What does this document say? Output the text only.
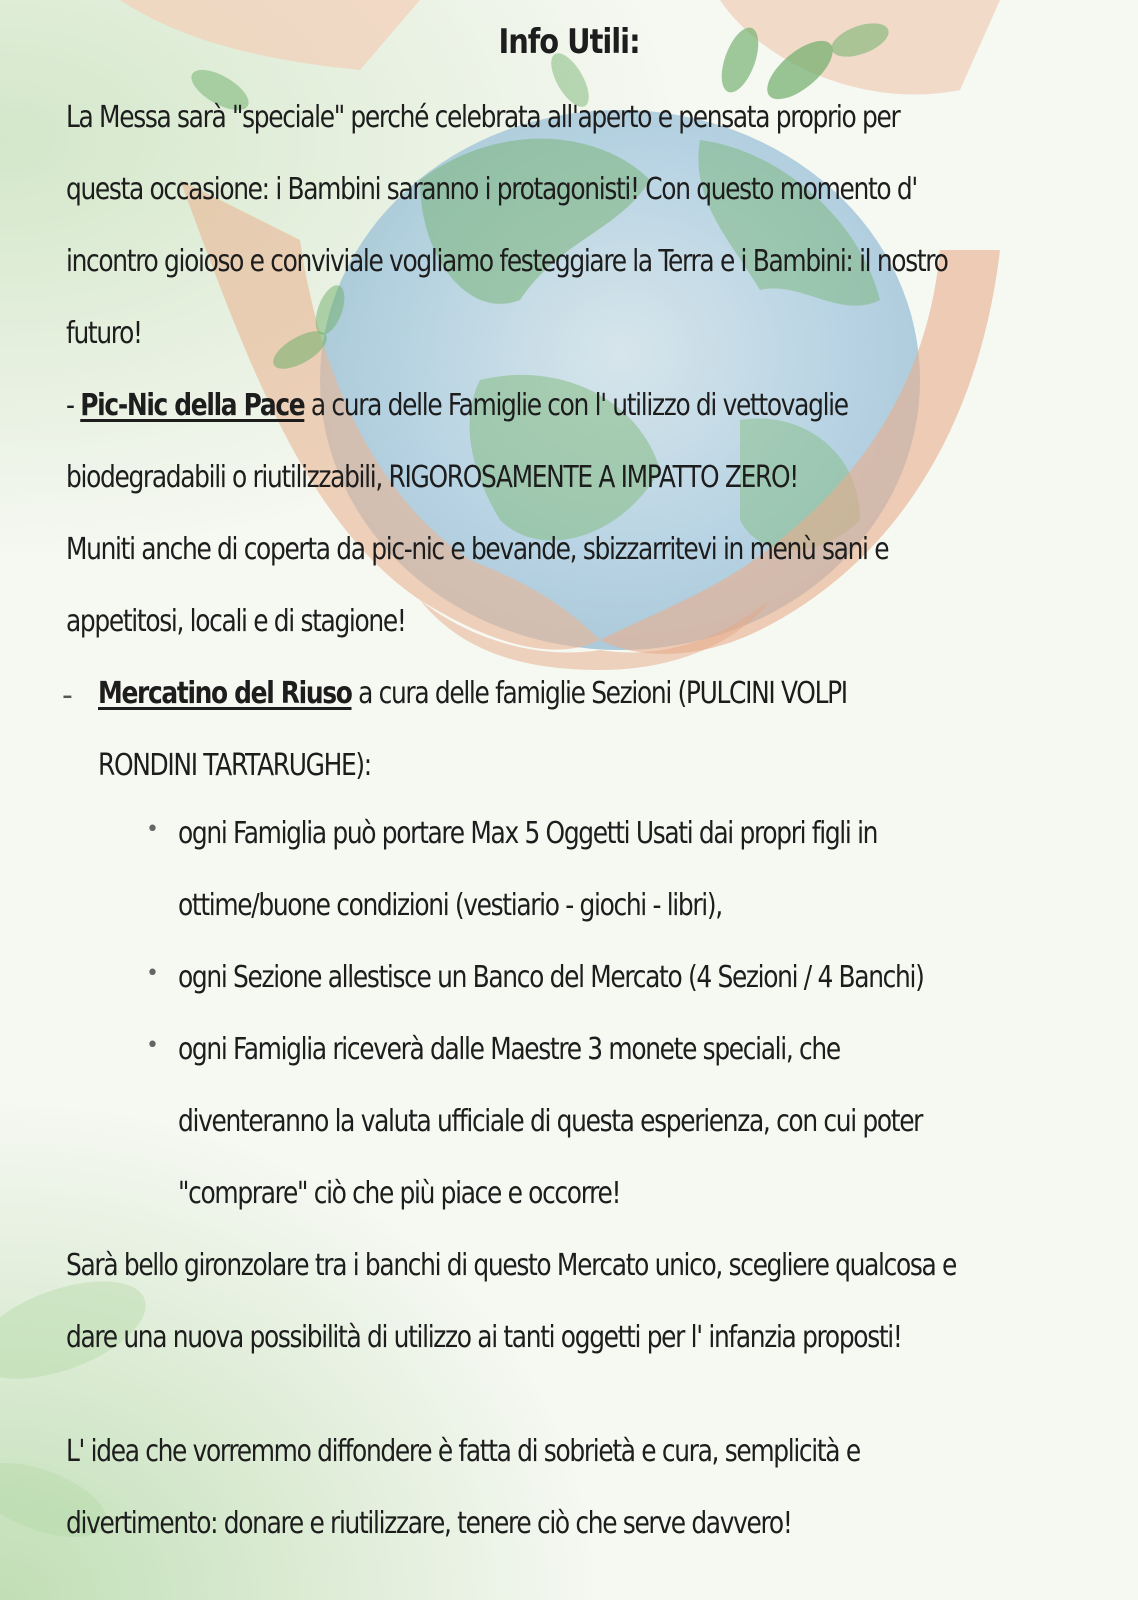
Info Utili:
La Messa sarà "speciale" perché celebrata all'aperto e pensata proprio per
questa occasione: i Bambini saranno i protagonisti! Con questo momento d'
incontro gioioso e conviviale vogliamo festeggiare la Terra e i Bambini: il nostro
futuro!
- Pic-Nic della Pace a cura delle Famiglie con l' utilizzo di vettovaglie
biodegradabili o riutilizzabili, RIGOROSAMENTE A IMPATTO ZERO!
Muniti anche di coperta da pic-nic e bevande, sbizzarritevi in menù sani e
appetitosi, locali e di stagione!
- Mercatino del Riuso a cura delle famiglie Sezioni (PULCINI VOLPI
RONDINI TARTARUGHE):
• ogni Famiglia può portare Max 5 Oggetti Usati dai propri figli in
ottime/buone condizioni (vestiario - giochi - libri),
• ogni Sezione allestisce un Banco del Mercato (4 Sezioni / 4 Banchi)
• ogni Famiglia riceverà dalle Maestre 3 monete speciali, che
diventeranno la valuta ufficiale di questa esperienza, con cui poter
"comprare" ciò che più piace e occorre!
Sarà bello gironzolare tra i banchi di questo Mercato unico, scegliere qualcosa e
dare una nuova possibilità di utilizzo ai tanti oggetti per l' infanzia proposti!
L' idea che vorremmo diffondere è fatta di sobrietà e cura, semplicità e
divertimento: donare e riutilizzare, tenere ciò che serve davvero!
